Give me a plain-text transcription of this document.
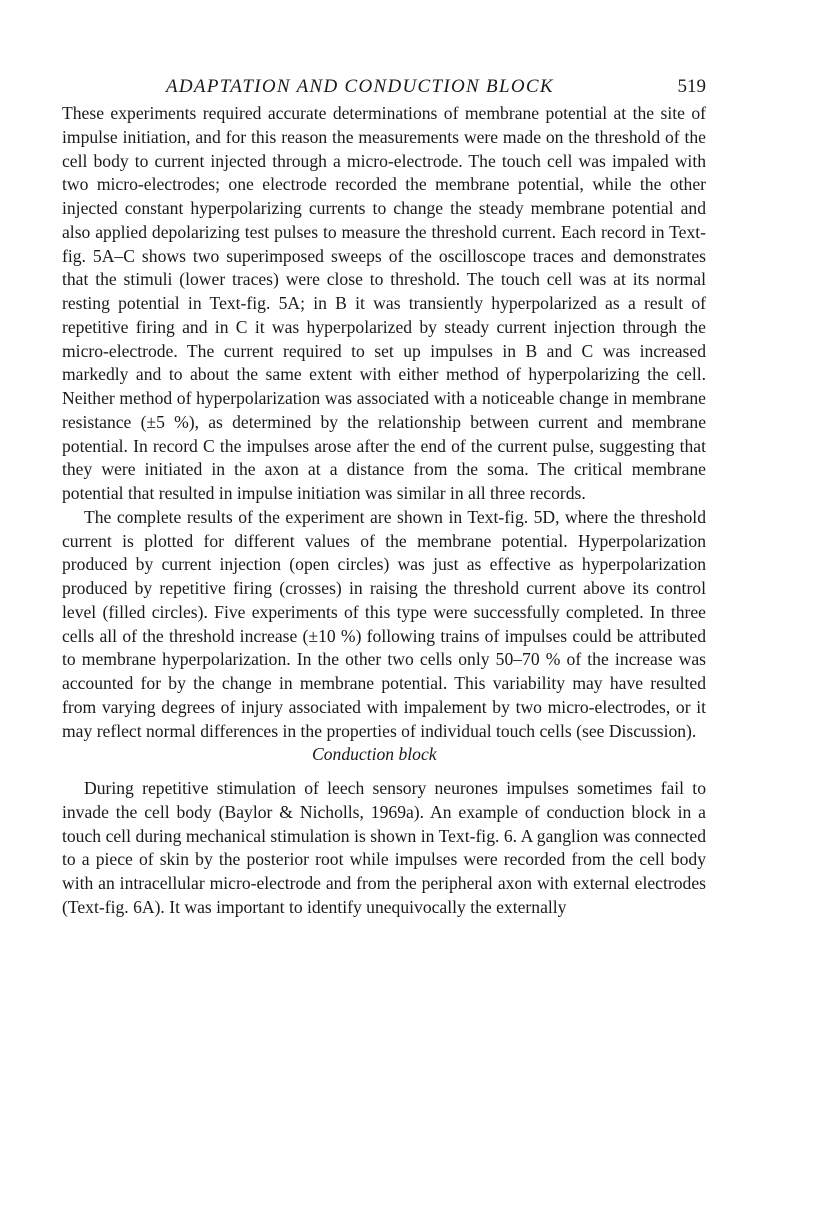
ADAPTATION AND CONDUCTION BLOCK	519

These experiments required accurate determinations of membrane potential at the site of impulse initiation, and for this reason the measurements were made on the threshold of the cell body to current injected through a micro-electrode. The touch cell was impaled with two micro-electrodes; one electrode recorded the membrane potential, while the other injected constant hyperpolarizing currents to change the steady membrane potential and also applied depolarizing test pulses to measure the threshold current. Each record in Text-fig. 5A–C shows two superimposed sweeps of the oscilloscope traces and demonstrates that the stimuli (lower traces) were close to threshold. The touch cell was at its normal resting potential in Text-fig. 5A; in B it was transiently hyperpolarized as a result of repetitive firing and in C it was hyperpolarized by steady current injection through the micro-electrode. The current required to set up impulses in B and C was increased markedly and to about the same extent with either method of hyperpolarizing the cell. Neither method of hyperpolarization was associated with a noticeable change in membrane resistance (±5 %), as determined by the relationship between current and membrane potential. In record C the impulses arose after the end of the current pulse, suggesting that they were initiated in the axon at a distance from the soma. The critical membrane potential that resulted in impulse initiation was similar in all three records.

The complete results of the experiment are shown in Text-fig. 5D, where the threshold current is plotted for different values of the membrane potential. Hyperpolarization produced by current injection (open circles) was just as effective as hyperpolarization produced by repetitive firing (crosses) in raising the threshold current above its control level (filled circles). Five experiments of this type were successfully completed. In three cells all of the threshold increase (±10 %) following trains of impulses could be attributed to membrane hyperpolarization. In the other two cells only 50–70 % of the increase was accounted for by the change in membrane potential. This variability may have resulted from varying degrees of injury associated with impalement by two micro-electrodes, or it may reflect normal differences in the properties of individual touch cells (see Discussion).

Conduction block

During repetitive stimulation of leech sensory neurones impulses sometimes fail to invade the cell body (Baylor & Nicholls, 1969a). An example of conduction block in a touch cell during mechanical stimulation is shown in Text-fig. 6. A ganglion was connected to a piece of skin by the posterior root while impulses were recorded from the cell body with an intracellular micro-electrode and from the peripheral axon with external electrodes (Text-fig. 6A). It was important to identify unequivocally the externally
